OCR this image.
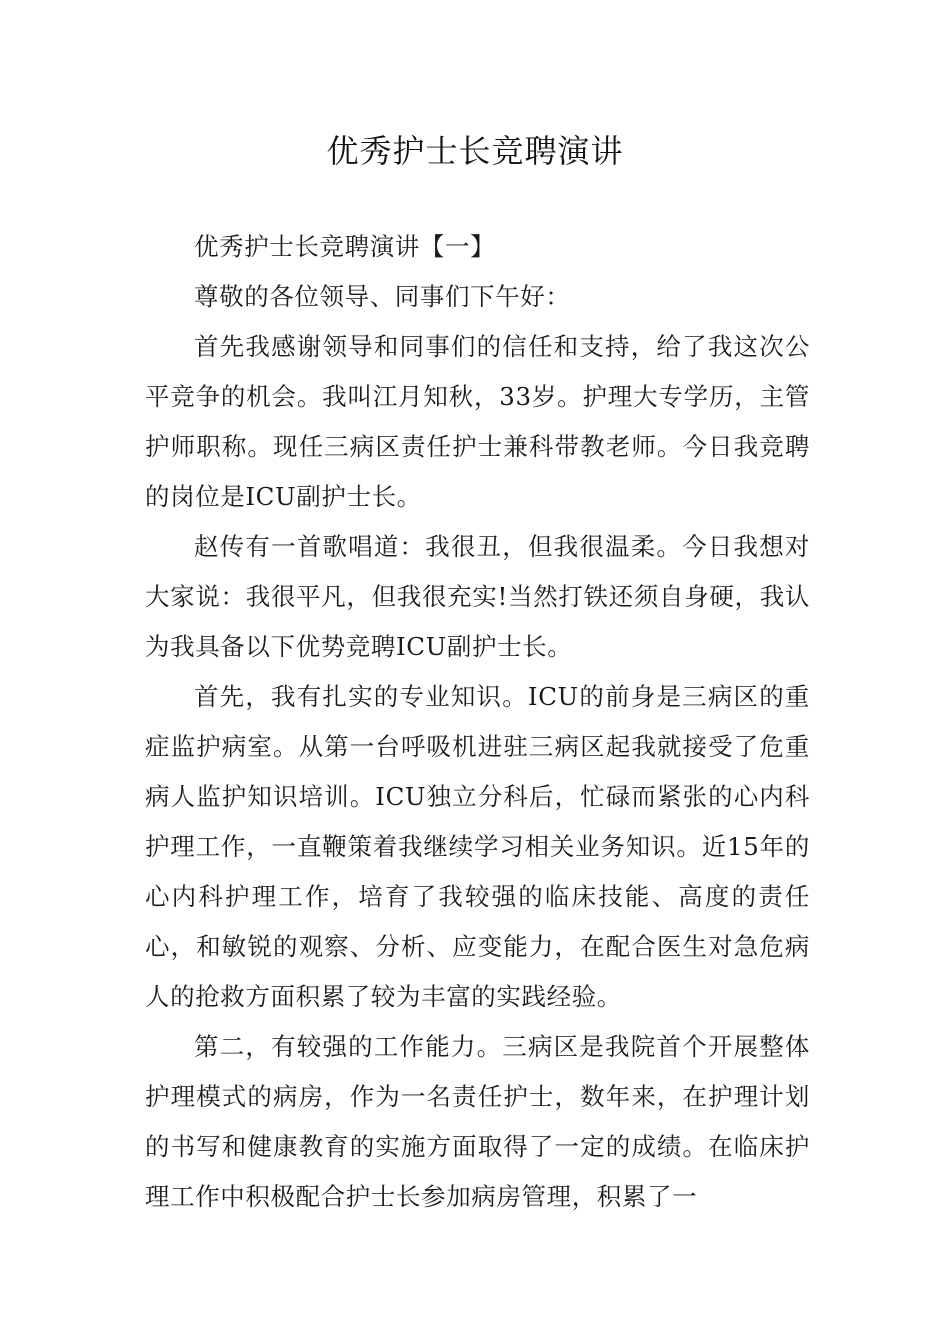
优秀护士长竞聘演讲

优秀护士长竞聘演讲【一】

尊敬的各位领导、同事们下午好：

首先我感谢领导和同事们的信任和支持，给了我这次公平竞争的机会。我叫江月知秋，33岁。护理大专学历，主管护师职称。现任三病区责任护士兼科带教老师。今日我竞聘的岗位是ICU副护士长。

赵传有一首歌唱道：我很丑，但我很温柔。今日我想对大家说：我很平凡，但我很充实!当然打铁还须自身硬，我认为我具备以下优势竞聘ICU副护士长。

首先，我有扎实的专业知识。ICU的前身是三病区的重症监护病室。从第一台呼吸机进驻三病区起我就接受了危重病人监护知识培训。ICU独立分科后，忙碌而紧张的心内科护理工作，一直鞭策着我继续学习相关业务知识。近15年的心内科护理工作，培育了我较强的临床技能、高度的责任心，和敏锐的观察、分析、应变能力，在配合医生对急危病人的抢救方面积累了较为丰富的实践经验。

第二，有较强的工作能力。三病区是我院首个开展整体护理模式的病房，作为一名责任护士，数年来，在护理计划的书写和健康教育的实施方面取得了一定的成绩。在临床护理工作中积极配合护士长参加病房管理，积累了一
